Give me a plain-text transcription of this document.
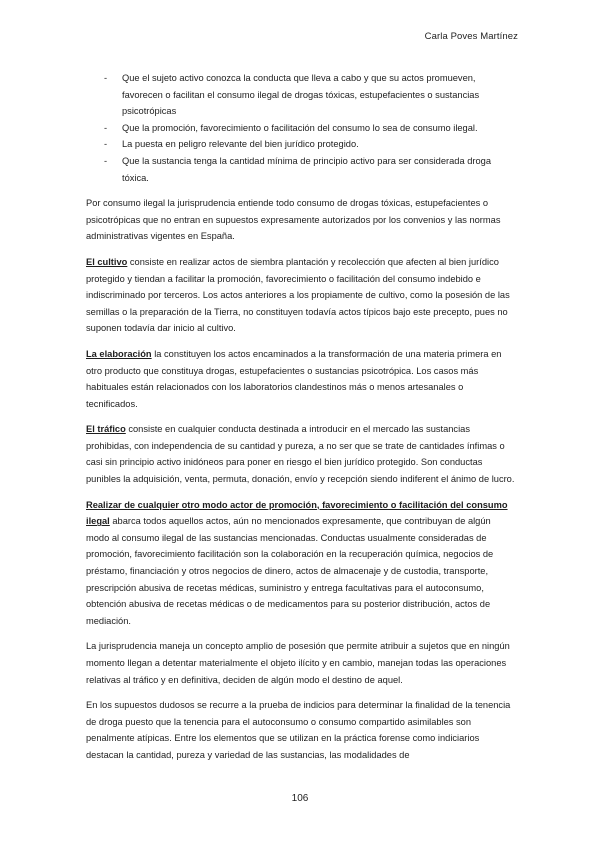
Carla Poves Martínez
- Que el sujeto activo conozca la conducta que lleva a cabo y que su actos promueven, favorecen o facilitan el consumo ilegal de drogas tóxicas, estupefacientes o sustancias psicotrópicas
- Que la promoción, favorecimiento o facilitación del consumo lo sea de consumo ilegal.
- La puesta en peligro relevante del bien jurídico protegido.
- Que la sustancia tenga la cantidad mínima de principio activo para ser considerada droga tóxica.

Por consumo ilegal la jurisprudencia entiende todo consumo de drogas tóxicas, estupefacientes o psicotrópicas que no entran en supuestos expresamente autorizados por los convenios y las normas administrativas vigentes en España.

El cultivo consiste en realizar actos de siembra plantación y recolección que afecten al bien jurídico protegido y tiendan a facilitar la promoción, favorecimiento o facilitación del consumo indebido e indiscriminado por terceros. Los actos anteriores a los propiamente de cultivo, como la posesión de las semillas o la preparación de la Tierra, no constituyen todavía actos típicos bajo este precepto, pues no suponen todavía dar inicio al cultivo.

La elaboración la constituyen los actos encaminados a la transformación de una materia primera en otro producto que constituya drogas, estupefacientes o sustancias psicotrópica. Los casos más habituales están relacionados con los laboratorios clandestinos más o menos artesanales o tecnificados.

El tráfico consiste en cualquier conducta destinada a introducir en el mercado las sustancias prohibidas, con independencia de su cantidad y pureza, a no ser que se trate de cantidades ínfimas o casi sin principio activo inidóneos para poner en riesgo el bien jurídico protegido. Son conductas punibles la adquisición, venta, permuta, donación, envío y recepción siendo indiferent el ánimo de lucro.

Realizar de cualquier otro modo actor de promoción, favorecimiento o facilitación del consumo ilegal abarca todos aquellos actos, aún no mencionados expresamente, que contribuyan de algún modo al consumo ilegal de las sustancias mencionadas. Conductas usualmente consideradas de promoción, favorecimiento facilitación son la colaboración en la recuperación química, negocios de préstamo, financiación y otros negocios de dinero, actos de almacenaje y de custodia, transporte, prescripción abusiva de recetas médicas, suministro y entrega facultativas para el autoconsumo, obtención abusiva de recetas médicas o de medicamentos para su posterior distribución, actos de mediación.

La jurisprudencia maneja un concepto amplio de posesión que permite atribuir a sujetos que en ningún momento llegan a detentar materialmente el objeto ilícito y en cambio, manejan todas las operaciones relativas al tráfico y en definitiva, deciden de algún modo el destino de aquel.

En los supuestos dudosos se recurre a la prueba de indicios para determinar la finalidad de la tenencia de droga puesto que la tenencia para el autoconsumo o consumo compartido asimilables son penalmente atípicas. Entre los elementos que se utilizan en la práctica forense como indiciarios destacan la cantidad, pureza y variedad de las sustancias, las modalidades de

106
